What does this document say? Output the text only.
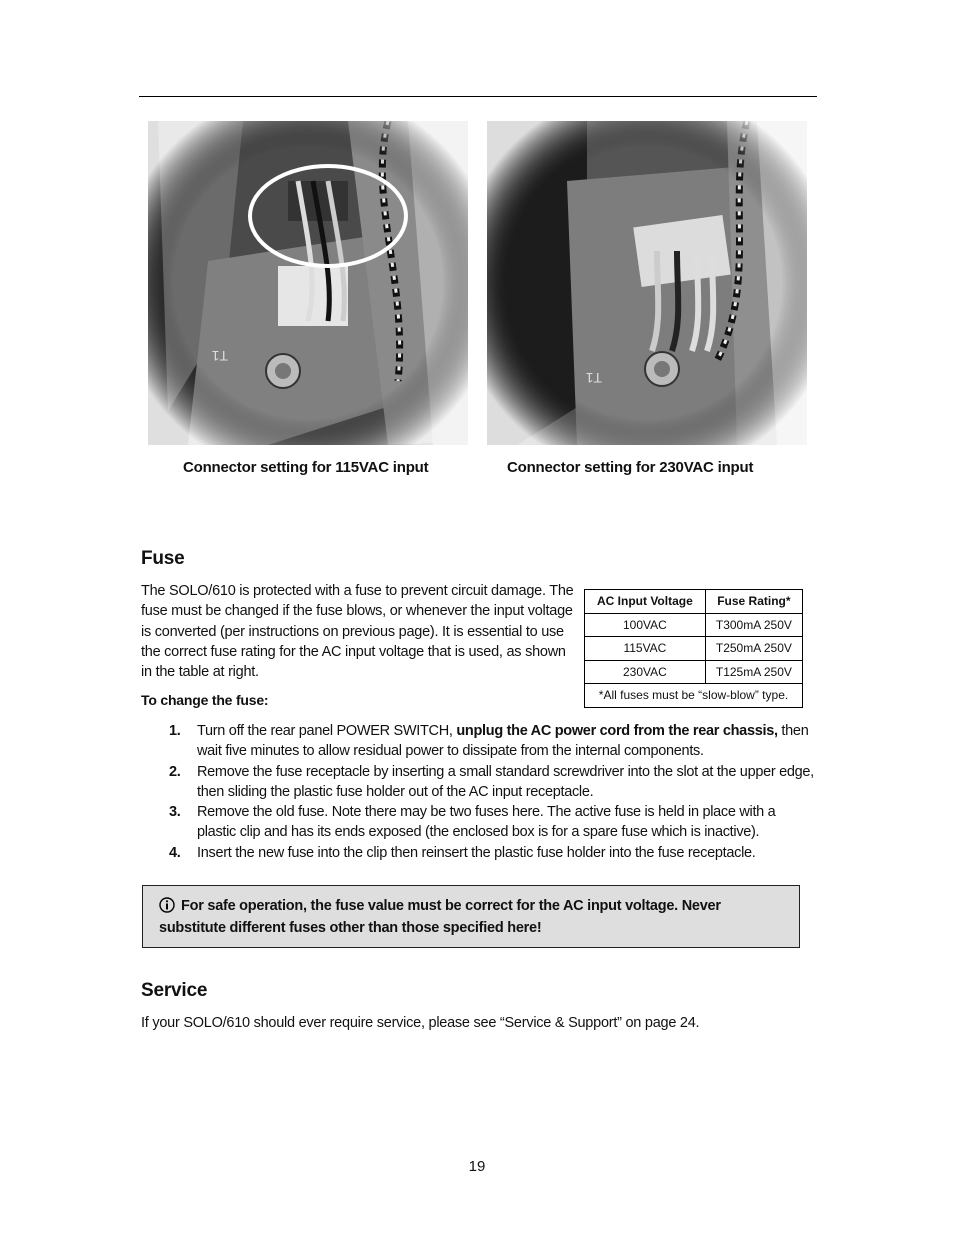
Connector setting for 115VAC input	Connector setting for 230VAC input
Fuse
The SOLO/610 is protected with a fuse to prevent circuit damage. The fuse must be changed if the fuse blows, or whenever the input voltage is converted (per instructions on previous page). It is essential to use the correct fuse rating for the AC input voltage that is used, as shown in the table at right.
AC Input Voltage	Fuse Rating*
100VAC	T300mA 250V
115VAC	T250mA 250V
230VAC	T125mA 250V
*All fuses must be “slow-blow” type.	
To change the fuse:
1. Turn off the rear panel POWER SWITCH, unplug the AC power cord from the rear chassis, then wait five minutes to allow residual power to dissipate from the internal components.
2. Remove the fuse receptacle by inserting a small standard screwdriver into the slot at the upper edge, then sliding the plastic fuse holder out of the AC input receptacle.
3. Remove the old fuse. Note there may be two fuses here. The active fuse is held in place with a plastic clip and has its ends exposed (the enclosed box is for a spare fuse which is inactive).
4. Insert the new fuse into the clip then reinsert the plastic fuse holder into the fuse receptacle.
For safe operation, the fuse value must be correct for the AC input voltage. Never substitute different fuses other than those specified here!
Service
If your SOLO/610 should ever require service, please see “Service & Support” on page 24.
19
